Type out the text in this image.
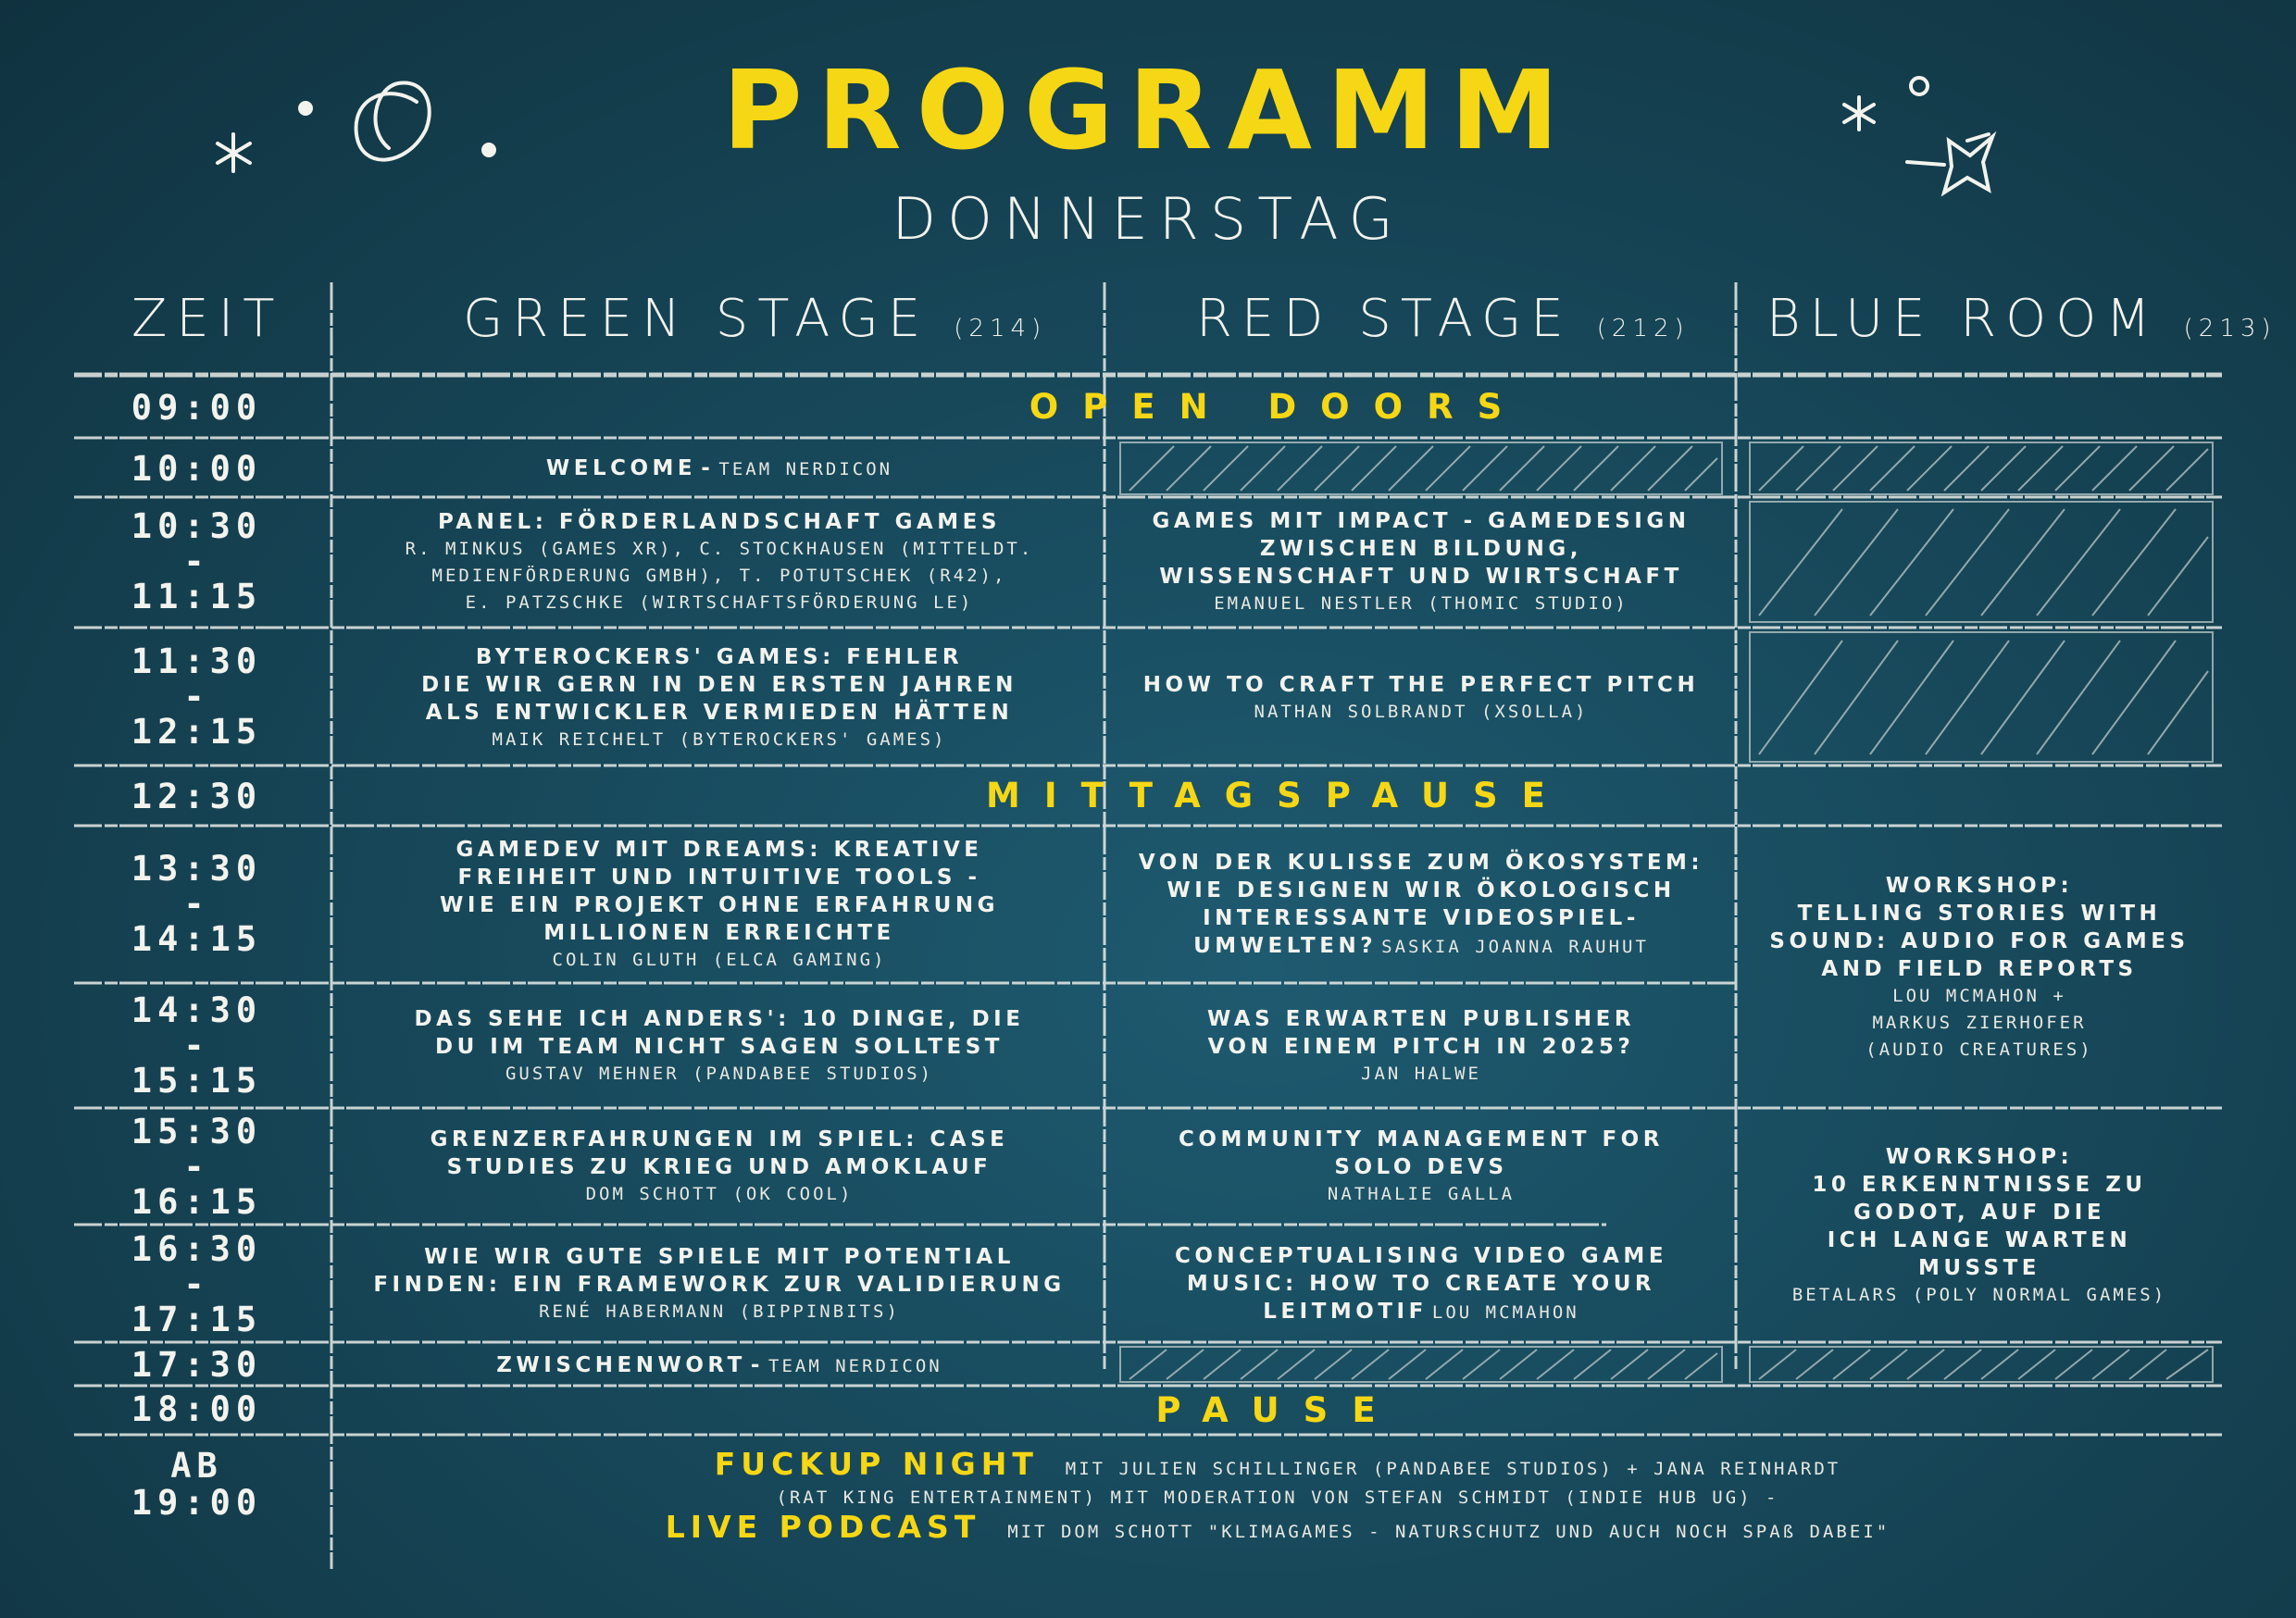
PROGRAMM
DONNERSTAG
ZEIT	GREEN STAGE (214)	RED STAGE (212) BLUE ROOM (213)
09:00
10:00
10:30
-
11:15
11:30
-
12:15
12:30
13:30
-
14:15
14:30
-
15:15
15:30
-
16:15
16:30
-
17:15
17:30
18:00
AB
19:00
OPEN DOORS
MITTAGSPAUSE
PAUSE
WELCOME - TEAM NERDICON
PANEL: FÖRDERLANDSCHAFT GAMES
R. MINKUS (GAMES XR), C. STOCKHAUSEN (MITTELDT.
MEDIENFÖRDERUNG GMBH), T. POTUTSCHEK (R42),
E. PATZSCHKE (WIRTSCHAFTSFÖRDERUNG LE)
BYTEROCKERS' GAMES: FEHLER
DIE WIR GERN IN DEN ERSTEN JAHREN
ALS ENTWICKLER VERMIEDEN HÄTTEN
MAIK REICHELT (BYTEROCKERS' GAMES)
GAMEDEV MIT DREAMS: KREATIVE
FREIHEIT UND INTUITIVE TOOLS -
WIE EIN PROJEKT OHNE ERFAHRUNG
MILLIONEN ERREICHTE
COLIN GLUTH (ELCA GAMING)
DAS SEHE ICH ANDERS': 10 DINGE, DIE
DU IM TEAM NICHT SAGEN SOLLTEST
GUSTAV MEHNER (PANDABEE STUDIOS)
GRENZERFAHRUNGEN IM SPIEL: CASE
STUDIES ZU KRIEG UND AMOKLAUF
DOM SCHOTT (OK COOL)
WIE WIR GUTE SPIELE MIT POTENTIAL
FINDEN: EIN FRAMEWORK ZUR VALIDIERUNG
RENÉ HABERMANN (BIPPINBITS)
ZWISCHENWORT - TEAM NERDICON
GAMES MIT IMPACT - GAMEDESIGN
ZWISCHEN BILDUNG,
WISSENSCHAFT UND WIRTSCHAFT
EMANUEL NESTLER (THOMIC STUDIO)
HOW TO CRAFT THE PERFECT PITCH
NATHAN SOLBRANDT (XSOLLA)
VON DER KULISSE ZUM ÖKOSYSTEM:
WIE DESIGNEN WIR ÖKOLOGISCH
INTERESSANTE VIDEOSPIEL-
UMWELTEN? SASKIA JOANNA RAUHUT
WAS ERWARTEN PUBLISHER
VON EINEM PITCH IN 2025?
JAN HALWE
COMMUNITY MANAGEMENT FOR
SOLO DEVS
NATHALIE GALLA
CONCEPTUALISING VIDEO GAME
MUSIC: HOW TO CREATE YOUR
LEITMOTIF LOU MCMAHON
WORKSHOP:
TELLING STORIES WITH
SOUND: AUDIO FOR GAMES
AND FIELD REPORTS
LOU MCMAHON +
MARKUS ZIERHOFER
(AUDIO CREATURES)
WORKSHOP:
10 ERKENNTNISSE ZU
GODOT, AUF DIE
ICH LANGE WARTEN
MUSSTE
BETALARS (POLY NORMAL GAMES)
FUCKUP NIGHT MIT JULIEN SCHILLINGER (PANDABEE STUDIOS) + JANA REINHARDT
(RAT KING ENTERTAINMENT) MIT MODERATION VON STEFAN SCHMIDT (INDIE HUB UG) -
LIVE PODCAST MIT DOM SCHOTT "KLIMAGAMES - NATURSCHUTZ UND AUCH NOCH SPAß DABEI"
